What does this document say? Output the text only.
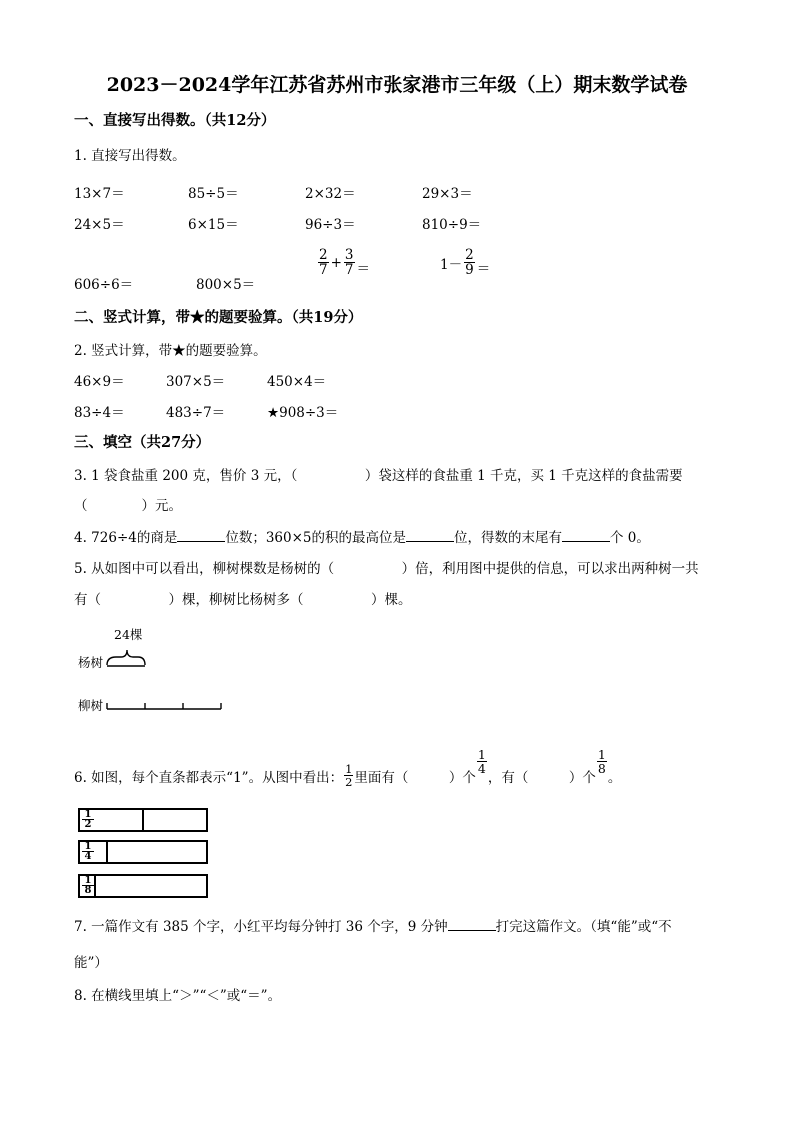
2023－2024学年江苏省苏州市张家港市三年级（上）期末数学试卷
一、直接写出得数。（共12分）
1. 直接写出得数。
13×7＝	85÷5＝	2×32＝	29×3＝
24×5＝	6×15＝	96÷3＝	810÷9＝
606÷6＝	800×5＝
$\frac{2}{7} + \frac{3}{7}$ ＝	$1- \frac{2}{9}$ ＝
二、竖式计算，带★的题要验算。（共19分）
2. 竖式计算，带★的题要验算。
46×9＝	307×5＝	450×4＝
83÷4＝	483÷7＝	★908÷3＝
三、填空（共27分）
3. 1 袋食盐重 200 克，售价 3 元，（　　　　　）袋这样的食盐重 1 千克，买 1 千克这样的食盐需要
（　　　　）元。
4. 726÷4的商是	位数；360×5的积的最高位是	位，得数的末尾有	个 0。
5. 从如图中可以看出，柳树棵数是杨树的（　　　　　）倍，利用图中提供的信息，可以求出两种树一共
有（　　　　　）棵，柳树比杨树多（　　　　　）棵。
24棵
杨树
柳树
6. 如图，每个直条都表示“1”。从图中看出： $\frac{1}{2}$ 里面有（　　　）个
$\frac{1}{4}$
，有（　　　）个
$\frac{1}{8}$
。
1
2
1
4
1
8
7. 一篇作文有 385 个字，小红平均每分钟打 36 个字，9 分钟	打完这篇作文。（填“能”或“不
能”）
8. 在横线里填上“＞”“＜”或“＝”。
